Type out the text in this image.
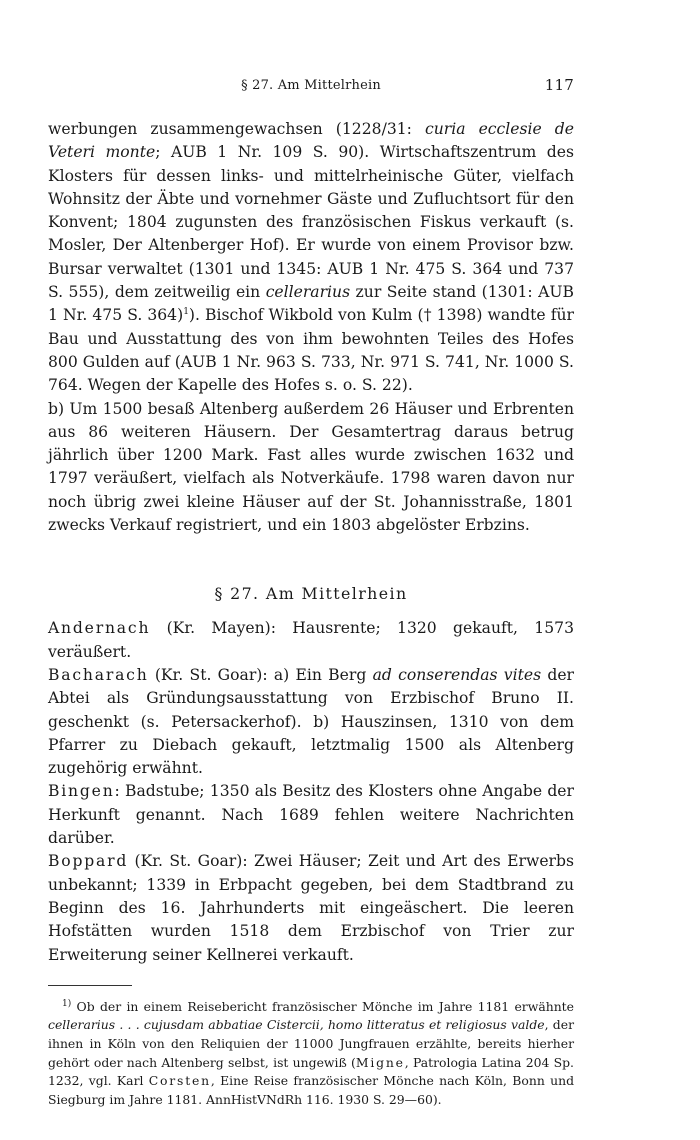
§ 27. Am Mittelrhein	117

werbungen zusammengewachsen (1228/31: curia ecclesie de Veteri monte; AUB 1 Nr. 109 S. 90). Wirtschaftszentrum des Klosters für dessen links- und mittelrheinische Güter, vielfach Wohnsitz der Äbte und vornehmer Gäste und Zufluchtsort für den Konvent; 1804 zugunsten des französischen Fiskus verkauft (s. Mosler, Der Altenberger Hof). Er wurde von einem Provisor bzw. Bursar verwaltet (1301 und 1345: AUB 1 Nr. 475 S. 364 und 737 S. 555), dem zeitweilig ein cellerarius zur Seite stand (1301: AUB 1 Nr. 475 S. 364)$^1$). Bischof Wikbold von Kulm († 1398) wandte für Bau und Ausstattung des von ihm bewohnten Teiles des Hofes 800 Gulden auf (AUB 1 Nr. 963 S. 733, Nr. 971 S. 741, Nr. 1000 S. 764. Wegen der Kapelle des Hofes s. o. S. 22).

b) Um 1500 besaß Altenberg außerdem 26 Häuser und Erbrenten aus 86 weiteren Häusern. Der Gesamtertrag daraus betrug jährlich über 1200 Mark. Fast alles wurde zwischen 1632 und 1797 veräußert, vielfach als Notverkäufe. 1798 waren davon nur noch übrig zwei kleine Häuser auf der St. Johannisstraße, 1801 zwecks Verkauf registriert, und ein 1803 abgelöster Erbzins.

§ 27. Am Mittelrhein

Andernach (Kr. Mayen): Hausrente; 1320 gekauft, 1573 veräußert.

Bacharach (Kr. St. Goar): a) Ein Berg ad conserendas vites der Abtei als Gründungsausstattung von Erzbischof Bruno II. geschenkt (s. Petersackerhof). b) Hauszinsen, 1310 von dem Pfarrer zu Diebach gekauft, letztmalig 1500 als Altenberg zugehörig erwähnt.

Bingen: Badstube; 1350 als Besitz des Klosters ohne Angabe der Herkunft genannt. Nach 1689 fehlen weitere Nachrichten darüber.

Boppard (Kr. St. Goar): Zwei Häuser; Zeit und Art des Erwerbs unbekannt; 1339 in Erbpacht gegeben, bei dem Stadtbrand zu Beginn des 16. Jahrhunderts mit eingeäschert. Die leeren Hofstätten wurden 1518 dem Erzbischof von Trier zur Erweiterung seiner Kellnerei verkauft.

$^{1)}$ Ob der in einem Reisebericht französischer Mönche im Jahre 1181 erwähnte cellerarius . . . cujusdam abbatiae Cistercii, homo litteratus et religiosus valde, der ihnen in Köln von den Reliquien der 11000 Jungfrauen erzählte, bereits hierher gehört oder nach Altenberg selbst, ist ungewiß (Migne, Patrologia Latina 204 Sp. 1232, vgl. Karl Corsten, Eine Reise französischer Mönche nach Köln, Bonn und Siegburg im Jahre 1181. AnnHistVNdRh 116. 1930 S. 29—60).
